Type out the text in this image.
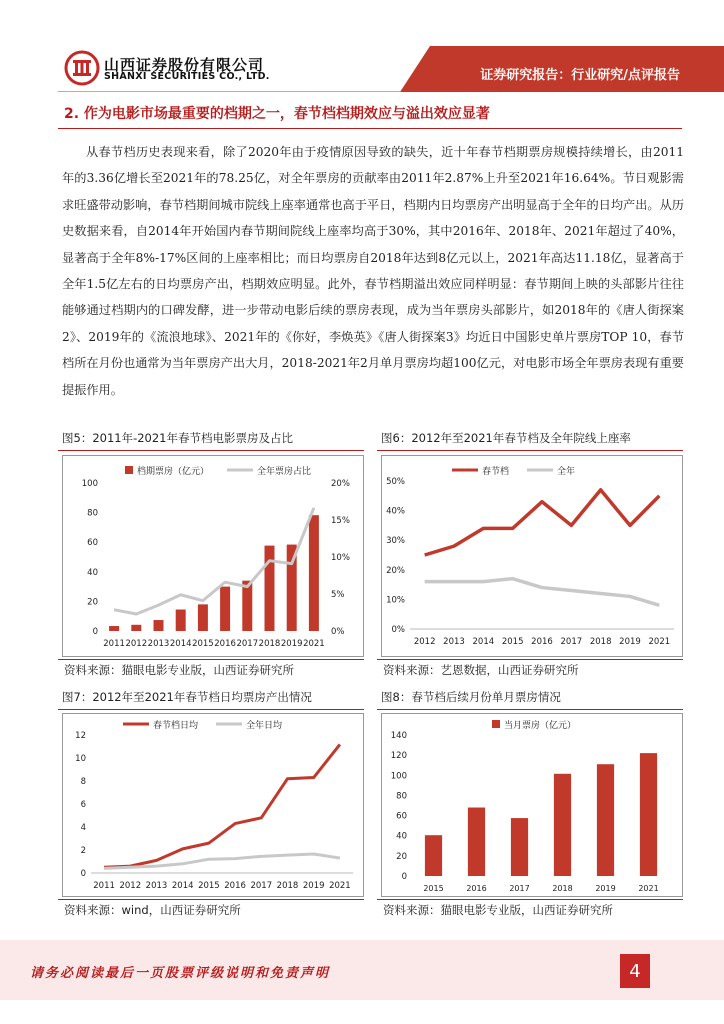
山西证券股份有限公司
SHANXI SECURITIES CO., LTD.	证券研究报告：行业研究/点评报告
2. 作为电影市场最重要的档期之一，春节档档期效应与溢出效应显著

从春节档历史表现来看，除了2020年由于疫情原因导致的缺失，近十年春节档期票房规模持续增长，由2011年的3.36亿增长至2021年的78.25亿，对全年票房的贡献率由2011年2.87%上升至2021年16.64%。节日观影需求旺盛带动影响，春节档期间城市院线上座率通常也高于平日，档期内日均票房产出明显高于全年的日均产出。从历史数据来看，自2014年开始国内春节期间院线上座率均高于30%，其中2016年、2018年、2021年超过了40%，显著高于全年8%-17%区间的上座率相比；而日均票房自2018年达到8亿元以上，2021年高达11.18亿，显著高于全年1.5亿左右的日均票房产出，档期效应明显。此外，春节档期溢出效应同样明显：春节期间上映的头部影片往往能够通过档期内的口碑发酵，进一步带动电影后续的票房表现，成为当年票房头部影片，如2018年的《唐人街探案2》、2019年的《流浪地球》、2021年的《你好，李焕英》《唐人街探案3》均近日中国影史单片票房TOP 10，春节档所在月份也通常为当年票房产出大月，2018-2021年2月单月票房均超100亿元，对电影市场全年票房表现有重要提振作用。

图5：2011年-2021年春节档电影票房及占比
0
20
40
60
80
100
0%
5%
10%
15%
20%
2011 2012 2013 2014 2015 2016 2017 2018 2019 2021
档期票房（亿元）	全年票房占比
资料来源：猫眼电影专业版，山西证券研究所
图6：2012年至2021年春节档及全年院线上座率
0%
10%
20%
30%
40%
50%
2012 2013 2014 2015 2016 2017 2018 2019 2021
春节档	全年
资料来源：艺恩数据，山西证券研究所
图7：2012年至2021年春节档日均票房产出情况
0
2
4
6
8
10
12
2011 2012 2013 2014 2015 2016 2017 2018 2019 2021
春节档日均	全年日均
资料来源：wind，山西证券研究所
图8：春节档后续月份单月票房情况
0
20
40
60
80
100
120
140
2015	2016	2017	2018	2019	2021
当月票房（亿元）
资料来源：猫眼电影专业版，山西证券研究所
请务必阅读最后一页股票评级说明和免责声明	4
